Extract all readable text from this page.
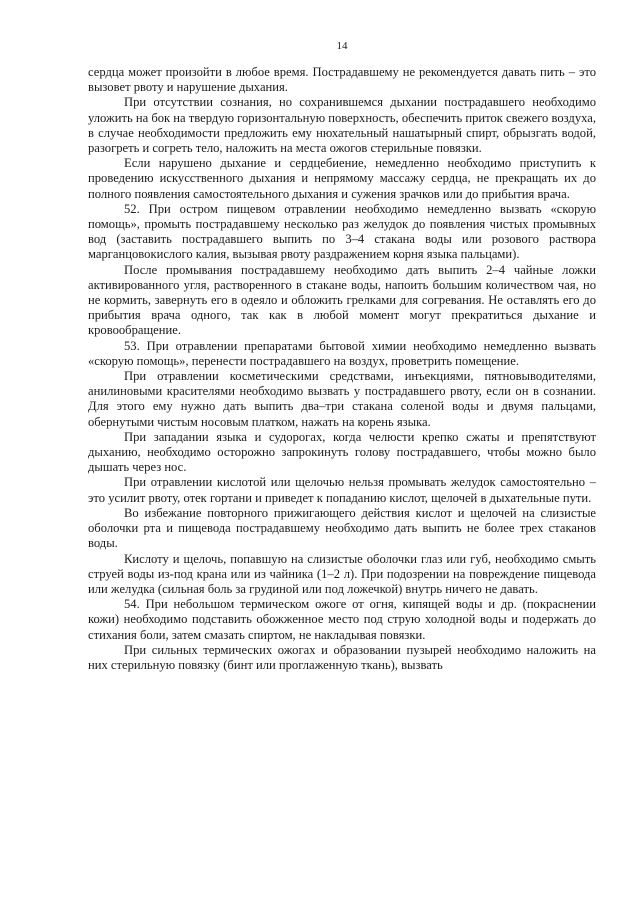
14

сердца может произойти в любое время. Пострадавшему не рекомендуется давать пить – это вызовет рвоту и нарушение дыхания.

При отсутствии сознания, но сохранившемся дыхании пострадавшего необходимо уложить на бок на твердую горизонтальную поверхность, обеспечить приток свежего воздуха, в случае необходимости предложить ему нюхательный нашатырный спирт, обрызгать водой, разогреть и согреть тело, наложить на места ожогов стерильные повязки.

Если нарушено дыхание и сердцебиение, немедленно необходимо приступить к проведению искусственного дыхания и непрямому массажу сердца, не прекращать их до полного появления самостоятельного дыхания и сужения зрачков или до прибытия врача.

52. При остром пищевом отравлении необходимо немедленно вызвать «скорую помощь», промыть пострадавшему несколько раз желудок до появления чистых промывных вод (заставить пострадавшего выпить по 3–4 стакана воды или розового раствора марганцовокислого калия, вызывая рвоту раздражением корня языка пальцами).

После промывания пострадавшему необходимо дать выпить 2–4 чайные ложки активированного угля, растворенного в стакане воды, напоить большим количеством чая, но не кормить, завернуть его в одеяло и обложить грелками для согревания. Не оставлять его до прибытия врача одного, так как в любой момент могут прекратиться дыхание и кровообращение.

53. При отравлении препаратами бытовой химии необходимо немедленно вызвать «скорую помощь», перенести пострадавшего на воздух, проветрить помещение.

При отравлении косметическими средствами, инъекциями, пятновыводителями, анилиновыми красителями необходимо вызвать у пострадавшего рвоту, если он в сознании. Для этого ему нужно дать выпить два–три стакана соленой воды и двумя пальцами, обернутыми чистым носовым платком, нажать на корень языка.

При западании языка и судорогах, когда челюсти крепко сжаты и препятствуют дыханию, необходимо осторожно запрокинуть голову пострадавшего, чтобы можно было дышать через нос.

При отравлении кислотой или щелочью нельзя промывать желудок самостоятельно – это усилит рвоту, отек гортани и приведет к попаданию кислот, щелочей в дыхательные пути.

Во избежание повторного прижигающего действия кислот и щелочей на слизистые оболочки рта и пищевода пострадавшему необходимо дать выпить не более трех стаканов воды.

Кислоту и щелочь, попавшую на слизистые оболочки глаз или губ, необходимо смыть струей воды из-под крана или из чайника (1–2 л). При подозрении на повреждение пищевода или желудка (сильная боль за грудиной или под ложечкой) внутрь ничего не давать.

54. При небольшом термическом ожоге от огня, кипящей воды и др. (покраснении кожи) необходимо подставить обожженное место под струю холодной воды и подержать до стихания боли, затем смазать спиртом, не накладывая повязки.

При сильных термических ожогах и образовании пузырей необходимо наложить на них стерильную повязку (бинт или проглаженную ткань), вызвать
